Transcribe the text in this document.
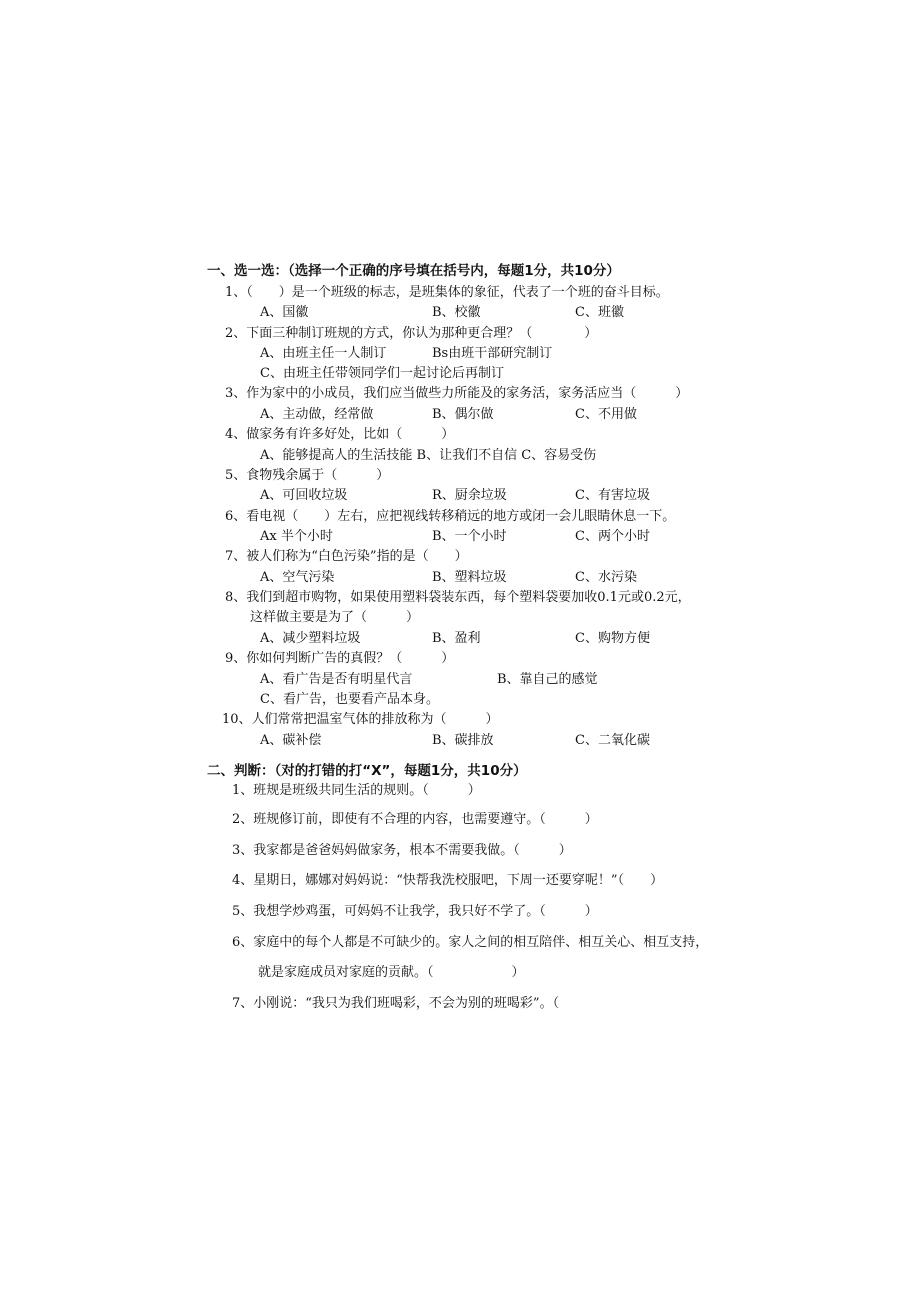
一、选一选：（选择一个正确的序号填在括号内，每题1分，共10分）
1、（　　）是一个班级的标志，是班集体的象征，代表了一个班的奋斗目标。
A、国徽	B、校徽	C、班徽
2、下面三种制订班规的方式，你认为那种更合理？（　　　　）
A、由班主任一人制订	Bs由班干部研究制订
C、由班主任带领同学们一起讨论后再制订
3、作为家中的小成员，我们应当做些力所能及的家务活，家务活应当（　　　）
A、主动做，经常做	B、偶尔做	C、不用做
4、做家务有许多好处，比如（　　　）
A、能够提高人的生活技能 B、让我们不自信 C、容易受伤
5、食物残余属于（　　　）
A、可回收垃圾	R、厨余垃圾	C、有害垃圾
6、看电视（　　）左右，应把视线转移稍远的地方或闭一会儿眼睛休息一下。
Ax 半个小时	B、一个小时	C、两个小时
7、被人们称为“白色污染”指的是（　　）
A、空气污染	B、塑料垃圾	C、水污染
8、我们到超市购物，如果使用塑料袋装东西，每个塑料袋要加收0.1元或0.2元，
这样做主要是为了（　　　）
A、减少塑料垃圾	B、盈利	C、购物方便
9、你如何判断广告的真假？（　　　）
A、看广告是否有明星代言	B、靠自己的感觉
C、看广告，也要看产品本身。
10、人们常常把温室气体的排放称为（　　　）
A、碳补偿	B、碳排放	C、二氧化碳
二、判断：（对的打错的打“X”，每题1分，共10分）
1、班规是班级共同生活的规则。（　　　）
2、班规修订前，即使有不合理的内容，也需要遵守。（　　　）
3、我家都是爸爸妈妈做家务，根本不需要我做。（　　　）
4、星期日，娜娜对妈妈说：“快帮我洗校服吧，下周一还要穿呢！”（　　）
5、我想学炒鸡蛋，可妈妈不让我学，我只好不学了。（　　　）
6、家庭中的每个人都是不可缺少的。家人之间的相互陪伴、相互关心、相互支持，
就是家庭成员对家庭的贡献。（　　　　　　）
7、小刚说：“我只为我们班喝彩，不会为别的班喝彩”。（
